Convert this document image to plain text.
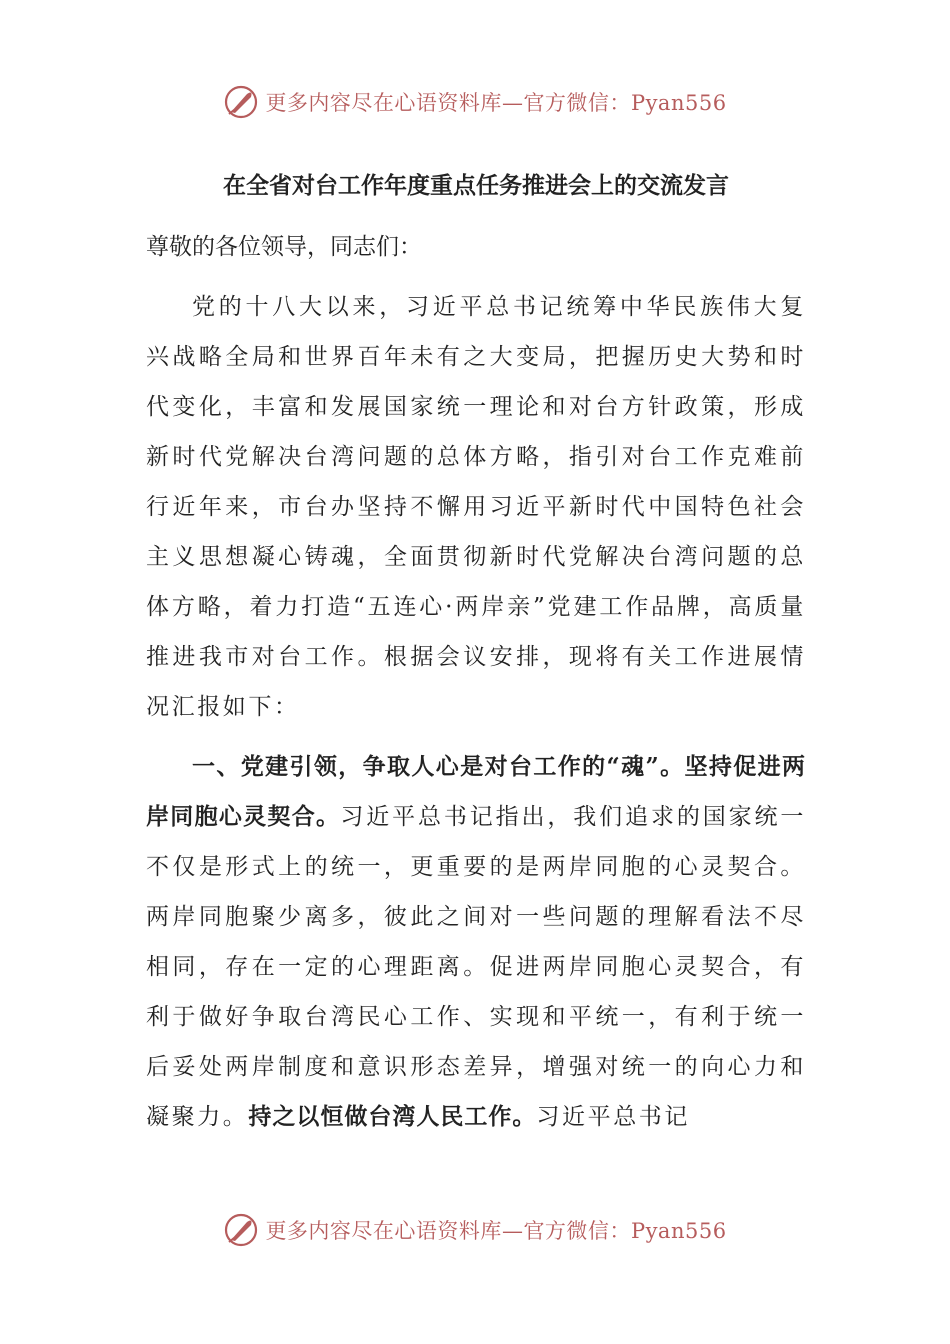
更多内容尽在心语资料库—官方微信：Pyan556
在全省对台工作年度重点任务推进会上的交流发言

尊敬的各位领导，同志们：

党的十八大以来，习近平总书记统筹中华民族伟大复兴战略全局和世界百年未有之大变局，把握历史大势和时代变化，丰富和发展国家统一理论和对台方针政策，形成新时代党解决台湾问题的总体方略，指引对台工作克难前行近年来，市台办坚持不懈用习近平新时代中国特色社会主义思想凝心铸魂，全面贯彻新时代党解决台湾问题的总体方略，着力打造“五连心·两岸亲”党建工作品牌，高质量推进我市对台工作。根据会议安排，现将有关工作进展情况汇报如下：

一、党建引领，争取人心是对台工作的“魂”。坚持促进两岸同胞心灵契合。习近平总书记指出，我们追求的国家统一不仅是形式上的统一，更重要的是两岸同胞的心灵契合。两岸同胞聚少离多，彼此之间对一些问题的理解看法不尽相同，存在一定的心理距离。促进两岸同胞心灵契合，有利于做好争取台湾民心工作、实现和平统一，有利于统一后妥处两岸制度和意识形态差异，增强对统一的向心力和凝聚力。持之以恒做台湾人民工作。习近平总书记

更多内容尽在心语资料库—官方微信：Pyan556
